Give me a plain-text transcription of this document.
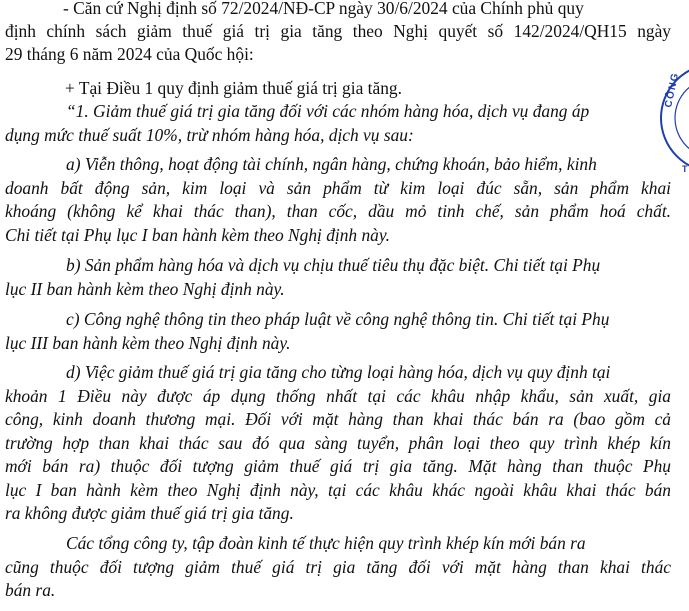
- Căn cứ Nghị định số 72/2024/NĐ-CP ngày 30/6/2024 của Chính phủ quy
định chính sách giảm thuế giá trị gia tăng theo Nghị quyết số 142/2024/QH15 ngày
29 tháng 6 năm 2024 của Quốc hội:
+ Tại Điều 1 quy định giảm thuế giá trị gia tăng.
“1. Giảm thuế giá trị gia tăng đối với các nhóm hàng hóa, dịch vụ đang áp
dụng mức thuế suất 10%, trừ nhóm hàng hóa, dịch vụ sau:
a) Viễn thông, hoạt động tài chính, ngân hàng, chứng khoán, bảo hiểm, kinh
doanh bất động sản, kim loại và sản phẩm từ kim loại đúc sẵn, sản phẩm khai
khoáng (không kể khai thác than), than cốc, dầu mỏ tinh chế, sản phẩm hoá chất.
Chi tiết tại Phụ lục I ban hành kèm theo Nghị định này.
b) Sản phẩm hàng hóa và dịch vụ chịu thuế tiêu thụ đặc biệt. Chi tiết tại Phụ
lục II ban hành kèm theo Nghị định này.
c) Công nghệ thông tin theo pháp luật về công nghệ thông tin. Chi tiết tại Phụ
lục III ban hành kèm theo Nghị định này.
d) Việc giảm thuế giá trị gia tăng cho từng loại hàng hóa, dịch vụ quy định tại
khoản 1 Điều này được áp dụng thống nhất tại các khâu nhập khẩu, sản xuất, gia
công, kinh doanh thương mại. Đối với mặt hàng than khai thác bán ra (bao gồm cả
trường hợp than khai thác sau đó qua sàng tuyển, phân loại theo quy trình khép kín
mới bán ra) thuộc đối tượng giảm thuế giá trị gia tăng. Mặt hàng than thuộc Phụ
lục I ban hành kèm theo Nghị định này, tại các khâu khác ngoài khâu khai thác bán
ra không được giảm thuế giá trị gia tăng.
Các tổng công ty, tập đoàn kinh tế thực hiện quy trình khép kín mới bán ra
cũng thuộc đối tượng giảm thuế giá trị gia tăng đối với mặt hàng than khai thác
bán ra.
CÔNG
T
